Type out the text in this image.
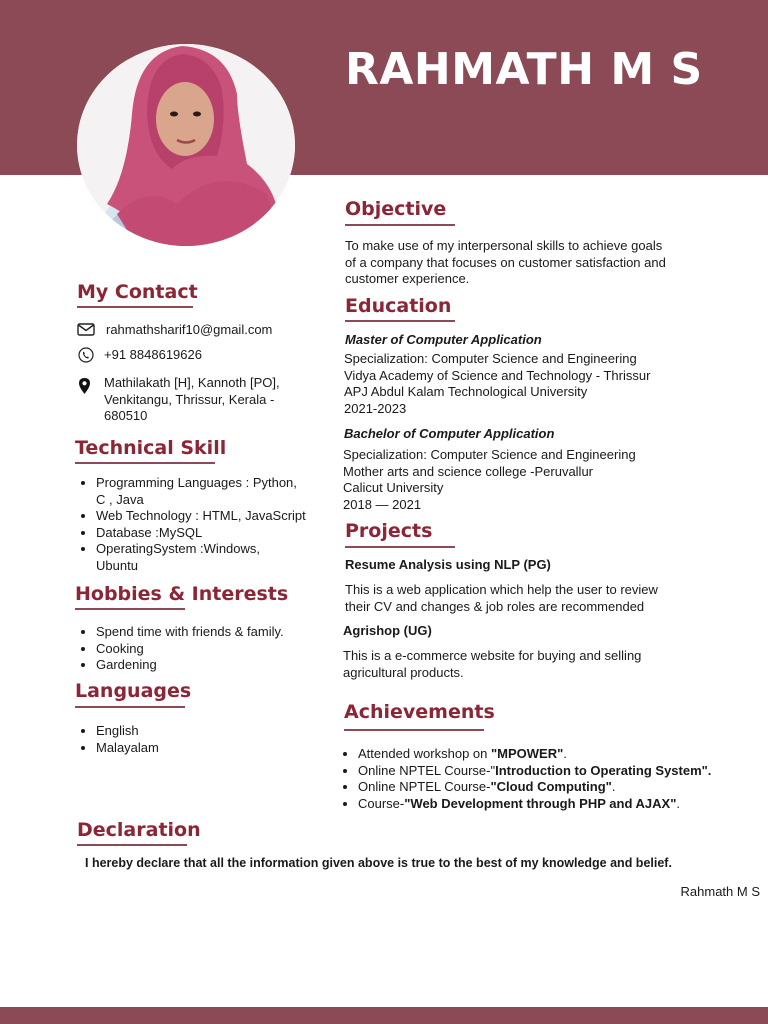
RAHMATH M S
My Contact
rahmathsharif10@gmail.com
+91 8848619626
Mathilakath [H], Kannoth [PO],
Venkitangu, Thrissur, Kerala -
680510
Technical Skill
• Programming Languages : Python,
C , Java
• Web Technology : HTML, JavaScript
• Database :MySQL
• OperatingSystem :Windows,
Ubuntu
Hobbies & Interests
• Spend time with friends & family.
• Cooking
• Gardening
Languages
• English
• Malayalam
Objective
To make use of my interpersonal skills to achieve goals
of a company that focuses on customer satisfaction and
customer experience.
Education
Master of Computer Application
Specialization: Computer Science and Engineering
Vidya Academy of Science and Technology - Thrissur
APJ Abdul Kalam Technological University
2021-2023
Bachelor of Computer Application
Specialization: Computer Science and Engineering
Mother arts and science college -Peruvallur
Calicut University
2018 — 2021
Projects
Resume Analysis using NLP (PG)
This is a web application which help the user to review
their CV and changes & job roles are recommended
Agrishop (UG)
This is a e-commerce website for buying and selling
agricultural products.
Achievements
• Attended workshop on "MPOWER".
• Online NPTEL Course-"Introduction to Operating System".
• Online NPTEL Course-"Cloud Computing".
• Course-"Web Development through PHP and AJAX".
Declaration
I hereby declare that all the information given above is true to the best of my knowledge and belief.
Rahmath M S
